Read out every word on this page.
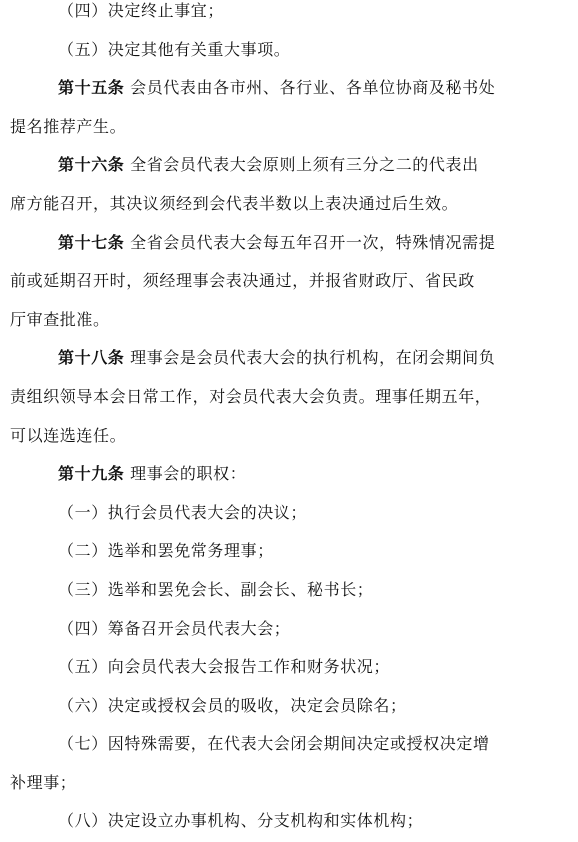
（四）决定终止事宜；
（五）决定其他有关重大事项。
第十五条 会员代表由各市州、各行业、各单位协商及秘书处
提名推荐产生。
第十六条 全省会员代表大会原则上须有三分之二的代表出
席方能召开，其决议须经到会代表半数以上表决通过后生效。
第十七条 全省会员代表大会每五年召开一次，特殊情况需提
前或延期召开时，须经理事会表决通过，并报省财政厅、省民政
厅审查批准。
第十八条 理事会是会员代表大会的执行机构，在闭会期间负
责组织领导本会日常工作，对会员代表大会负责。理事任期五年，
可以连选连任。
第十九条 理事会的职权：
（一）执行会员代表大会的决议；
（二）选举和罢免常务理事；
（三）选举和罢免会长、副会长、秘书长；
（四）筹备召开会员代表大会；
（五）向会员代表大会报告工作和财务状况；
（六）决定或授权会员的吸收，决定会员除名；
（七）因特殊需要，在代表大会闭会期间决定或授权决定增
补理事；
（八）决定设立办事机构、分支机构和实体机构；
